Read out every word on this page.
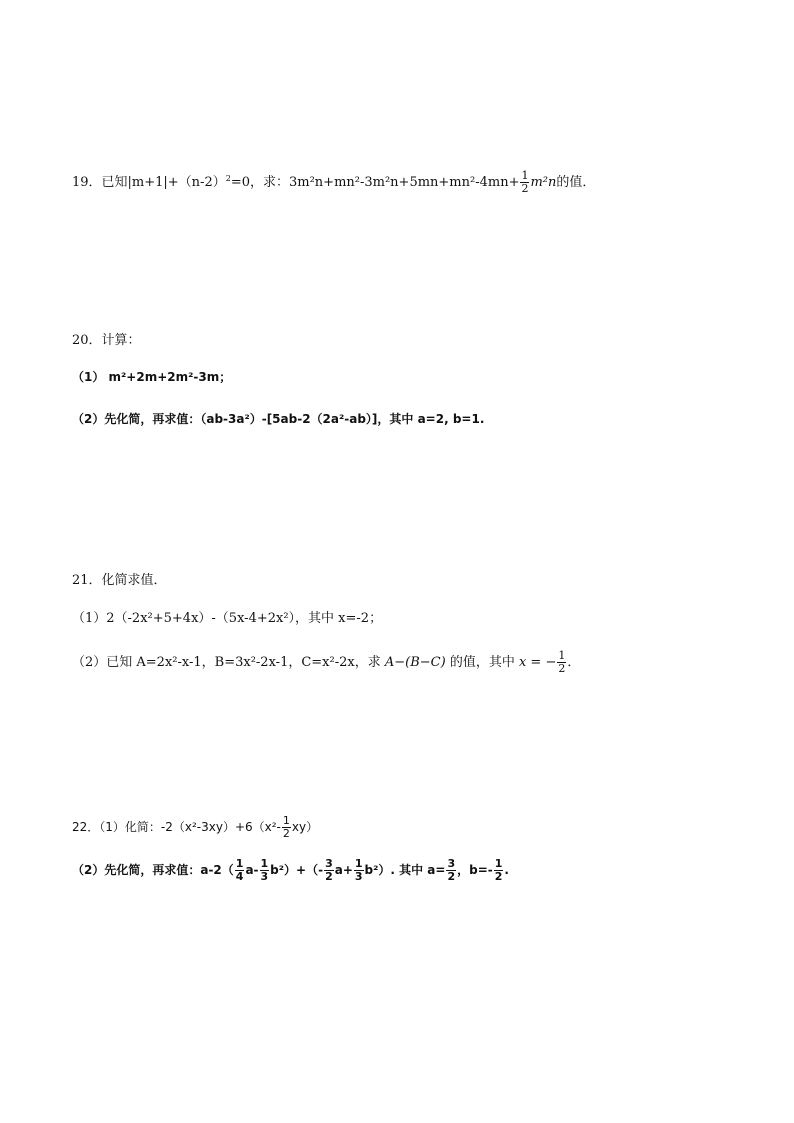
19．已知$|m+1|+(n-2)^2=0$，求：$3m^2n+mn^2-3m^2n+5mn+mn^2-4mn+ \frac{1}{2} m^2n$的值．
20．计算：
（1） m²+2m+2m²-3m；
（2）先化简，再求值：（ab-3a²）-[5ab-2（2a²-ab）]，其中 a=2, b=1.
21．化简求值．
（1）2（-2x²+5+4x）-（5x-4+2x²），其中 x=-2；
（2）已知 A=2x²-x-1，B=3x²-2x-1，C=x²-2x，求 A−(B−C) 的值，其中 x = − $\frac{1}{2}$ ．
22．（1）化简：$-2(x^2-3xy)+6(x^2- \frac{1}{2} xy)$
（2）先化简，再求值：$a-2( \frac{1}{4} a- \frac{1}{3} b^2)+(- \frac{3}{2} a+ \frac{1}{3} b^2)$. 其中 $a= \frac{3}{2}$ ，$b=- \frac{1}{2}$ .
